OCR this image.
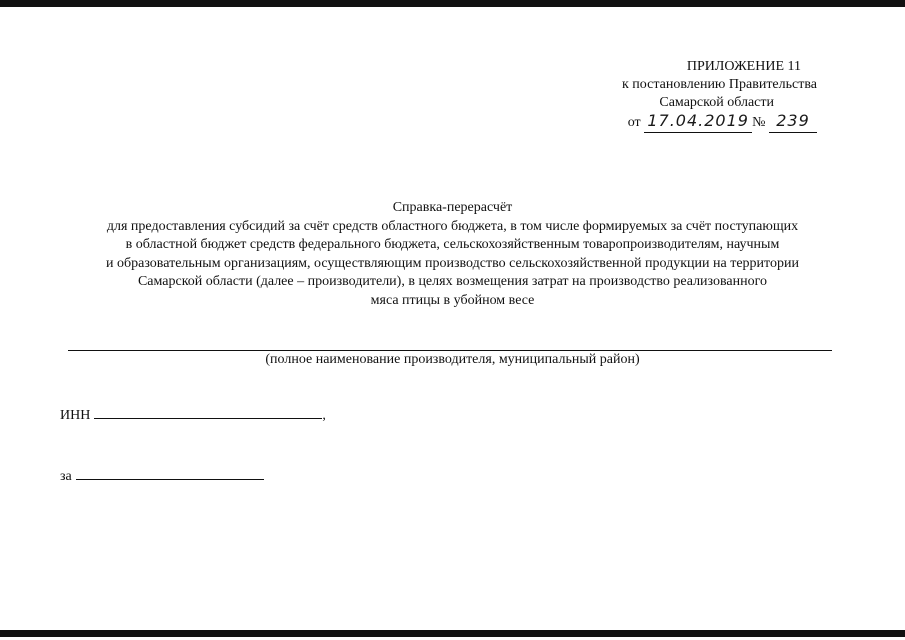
ПРИЛОЖЕНИЕ 11
к постановлению Правительства
Самарской области
от 17.04.2019 № 239
Справка-перерасчёт
для предоставления субсидий за счёт средств областного бюджета, в том числе формируемых за счёт поступающих
в областной бюджет средств федерального бюджета, сельскохозяйственным товаропроизводителям, научным
и образовательным организациям, осуществляющим производство сельскохозяйственной продукции на территории
Самарской области (далее – производители), в целях возмещения затрат на производство реализованного
мяса птицы в убойном весе
(полное наименование производителя, муниципальный район)
ИНН	,
за
